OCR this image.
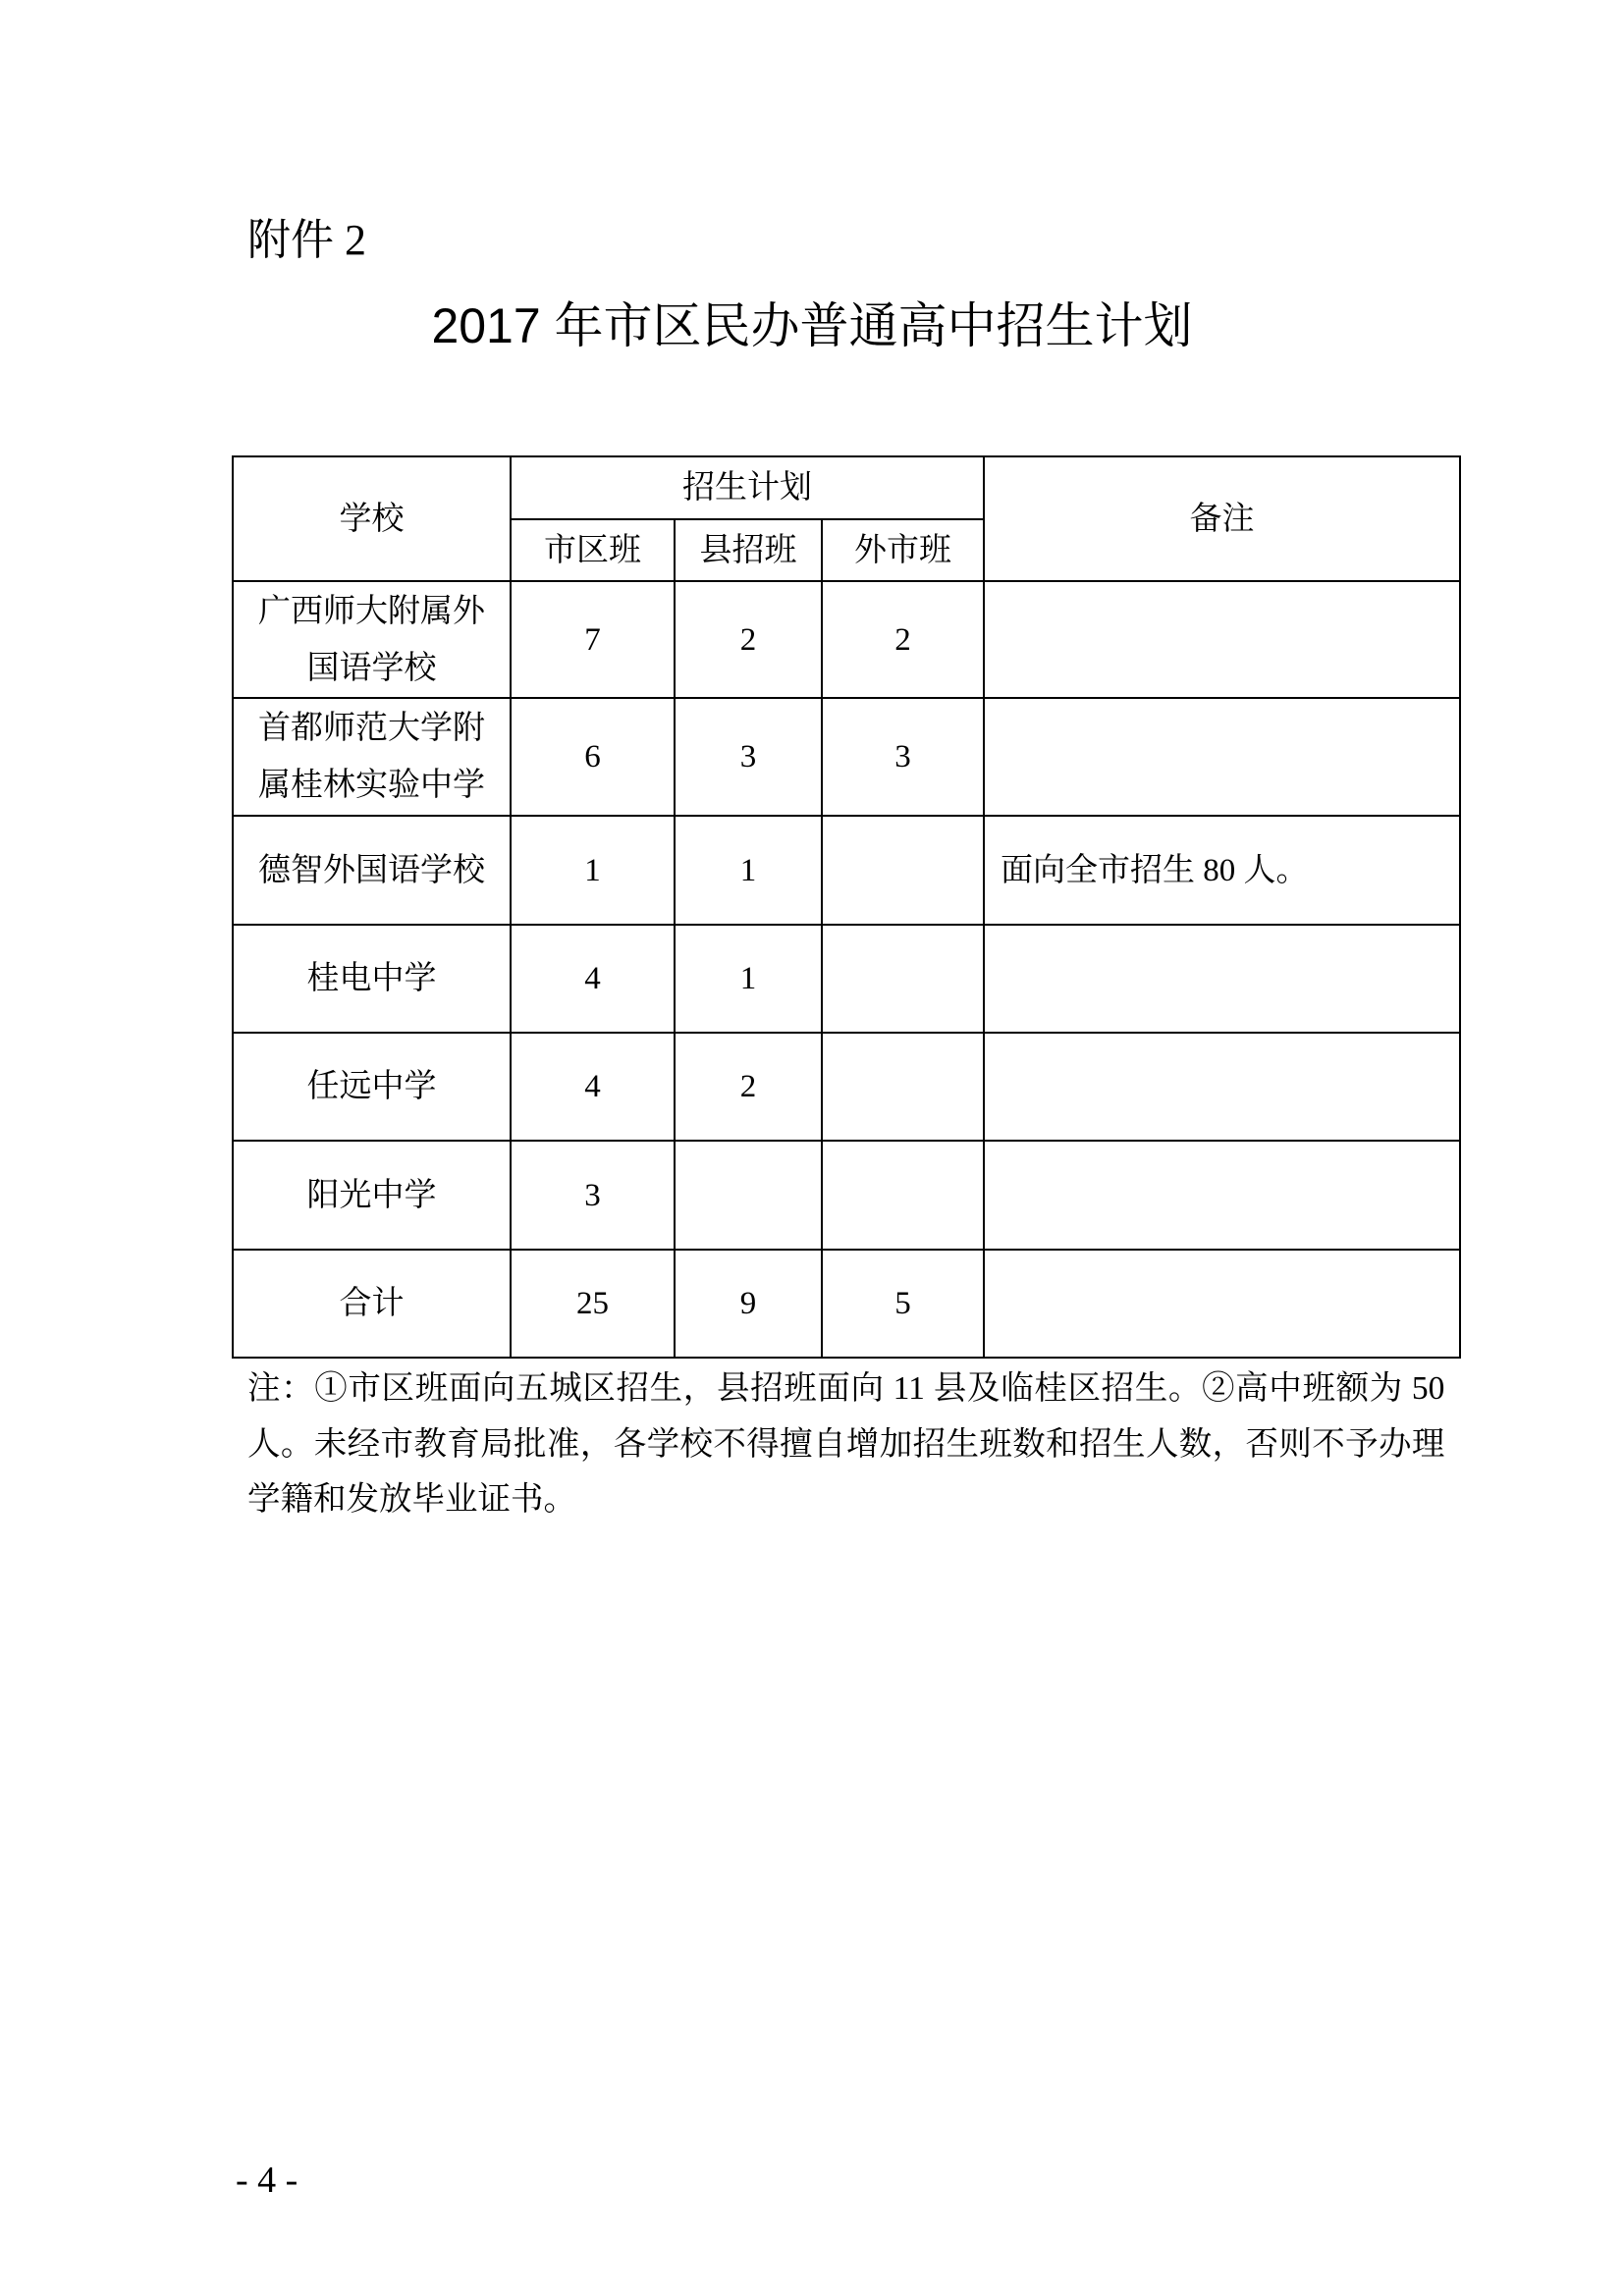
附件 2
2017 年市区民办普通高中招生计划
学校	招生计划			备注
	市区班	县招班	外市班	
广西师大附属外国语学校	7	2	2	
首都师范大学附属桂林实验中学	6	3	3	
德智外国语学校	1	1		面向全市招生 80 人。
桂电中学	4	1		
任远中学	4	2		
阳光中学	3			
合计	25	9	5	

注：①市区班面向五城区招生，县招班面向 11 县及临桂区招生。②高中班额为 50 人。未经市教育局批准，各学校不得擅自增加招生班数和招生人数，否则不予办理学籍和发放毕业证书。

- 4 -
